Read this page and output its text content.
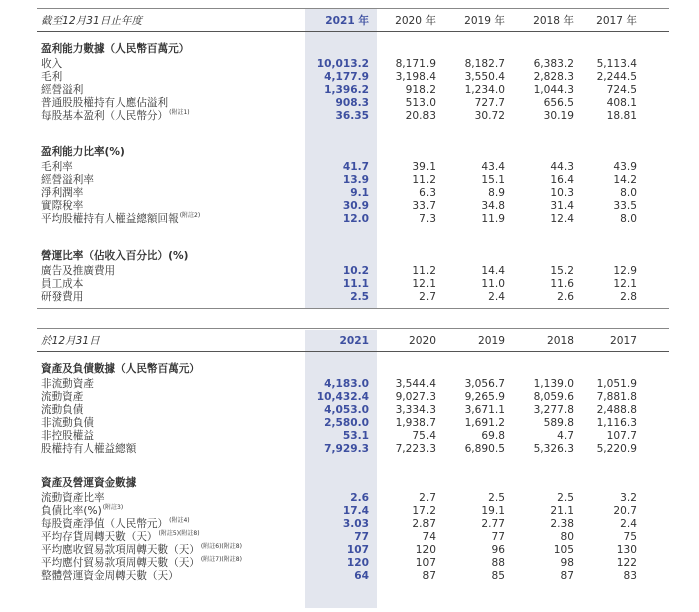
截至12月31日止年度	2021 年	2020 年	2019 年	2018 年	2017 年
盈利能力數據（人民幣百萬元）
收入	10,013.2	8,171.9	8,182.7	6,383.2	5,113.4
毛利	4,177.9	3,198.4	3,550.4	2,828.3	2,244.5
經營溢利	1,396.2	918.2	1,234.0	1,044.3	724.5
普通股股權持有人應佔溢利	908.3	513.0	727.7	656.5	408.1
每股基本盈利（人民幣分）$^{(附註1)}$	36.35	20.83	30.72	30.19	18.81
盈利能力比率(%)
毛利率	41.7	39.1	43.4	44.3	43.9
經營溢利率	13.9	11.2	15.1	16.4	14.2
淨利潤率	9.1	6.3	8.9	10.3	8.0
實際稅率	30.9	33.7	34.8	31.4	33.5
平均股權持有人權益總額回報$^{(附註2)}$	12.0	7.3	11.9	12.4	8.0
營運比率（佔收入百分比）(%)
廣告及推廣費用	10.2	11.2	14.4	15.2	12.9
員工成本	11.1	12.1	11.0	11.6	12.1
研發費用	2.5	2.7	2.4	2.6	2.8
於12月31日	2021	2020	2019	2018	2017
資產及負債數據（人民幣百萬元）
非流動資產	4,183.0	3,544.4	3,056.7	1,139.0	1,051.9
流動資產	10,432.4	9,027.3	9,265.9	8,059.6	7,881.8
流動負債	4,053.0	3,334.3	3,671.1	3,277.8	2,488.8
非流動負債	2,580.0	1,938.7	1,691.2	589.8	1,116.3
非控股權益	53.1	75.4	69.8	4.7	107.7
股權持有人權益總額	7,929.3	7,223.3	6,890.5	5,326.3	5,220.9
資產及營運資金數據
流動資產比率	2.6	2.7	2.5	2.5	3.2
負債比率(%)$^{(附註3)}$	17.4	17.2	19.1	21.1	20.7
每股資產淨值（人民幣元）$^{(附註4)}$	3.03	2.87	2.77	2.38	2.4
平均存貨周轉天數（天）$^{(附註5)(附註8)}$	77	74	77	80	75
平均應收貿易款項周轉天數（天）$^{(附註6)(附註8)}$	107	120	96	105	130
平均應付貿易款項周轉天數（天）$^{(附註7)(附註8)}$	120	107	88	98	122
整體營運資金周轉天數（天）	64	87	85	87	83
